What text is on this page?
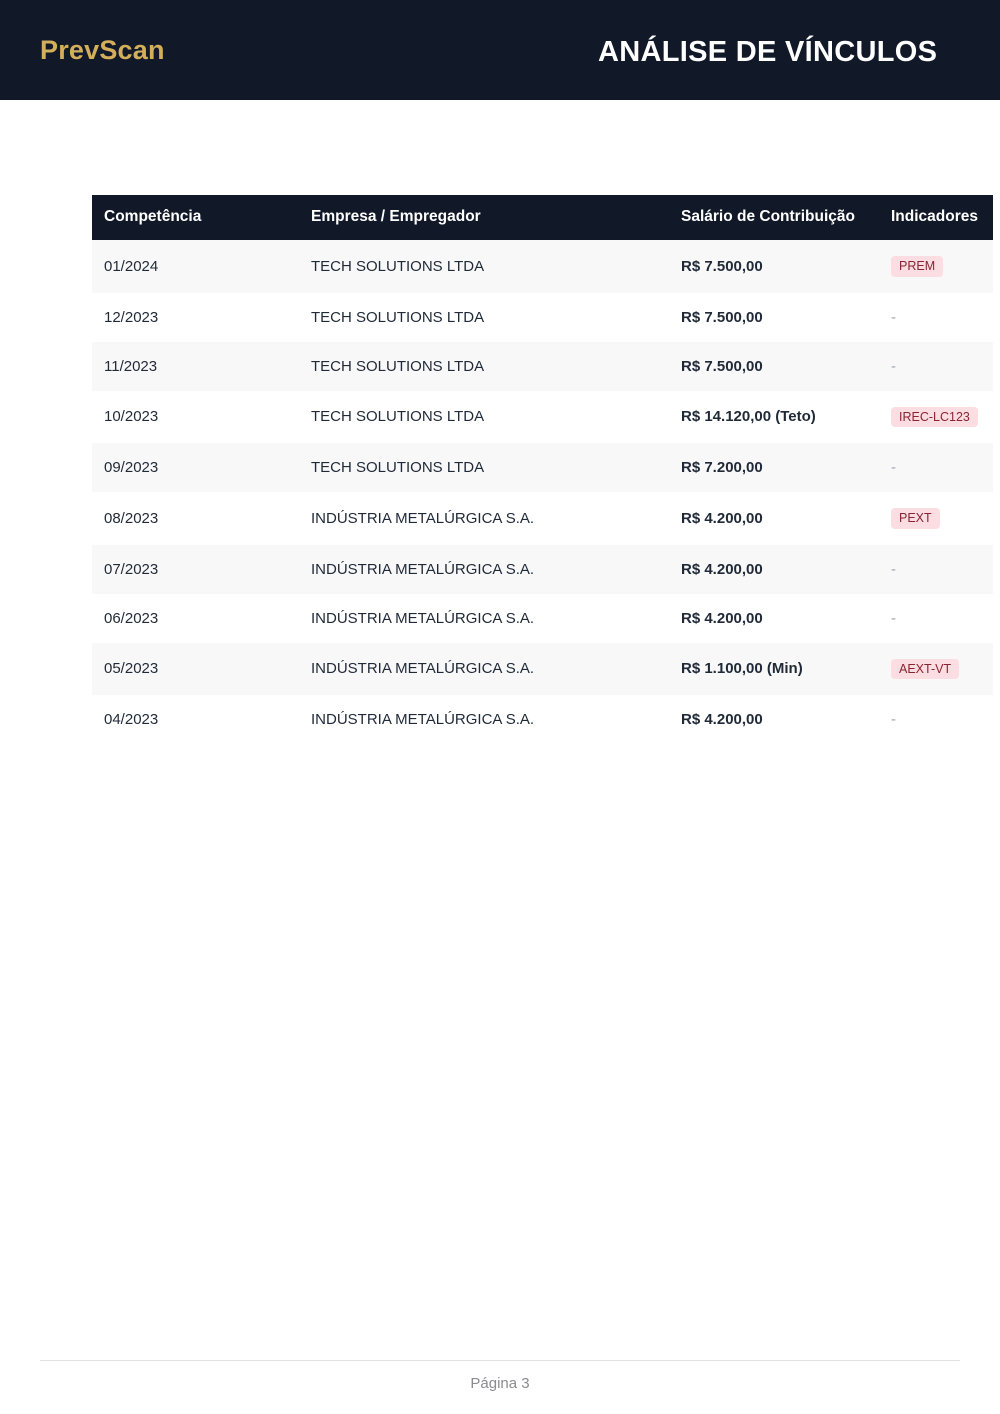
PrevScan	ANÁLISE DE VÍNCULOS
Competência	Empresa / Empregador	Salário de Contribuição	Indicadores
01/2024	TECH SOLUTIONS LTDA	R$ 7.500,00	PREM
12/2023	TECH SOLUTIONS LTDA	R$ 7.500,00	-
11/2023	TECH SOLUTIONS LTDA	R$ 7.500,00	-
10/2023	TECH SOLUTIONS LTDA	R$ 14.120,00 (Teto)	IREC-LC123
09/2023	TECH SOLUTIONS LTDA	R$ 7.200,00	-
08/2023	INDÚSTRIA METALÚRGICA S.A.	R$ 4.200,00	PEXT
07/2023	INDÚSTRIA METALÚRGICA S.A.	R$ 4.200,00	-
06/2023	INDÚSTRIA METALÚRGICA S.A.	R$ 4.200,00	-
05/2023	INDÚSTRIA METALÚRGICA S.A.	R$ 1.100,00 (Min)	AEXT-VT
04/2023	INDÚSTRIA METALÚRGICA S.A.	R$ 4.200,00	-
Página 3
